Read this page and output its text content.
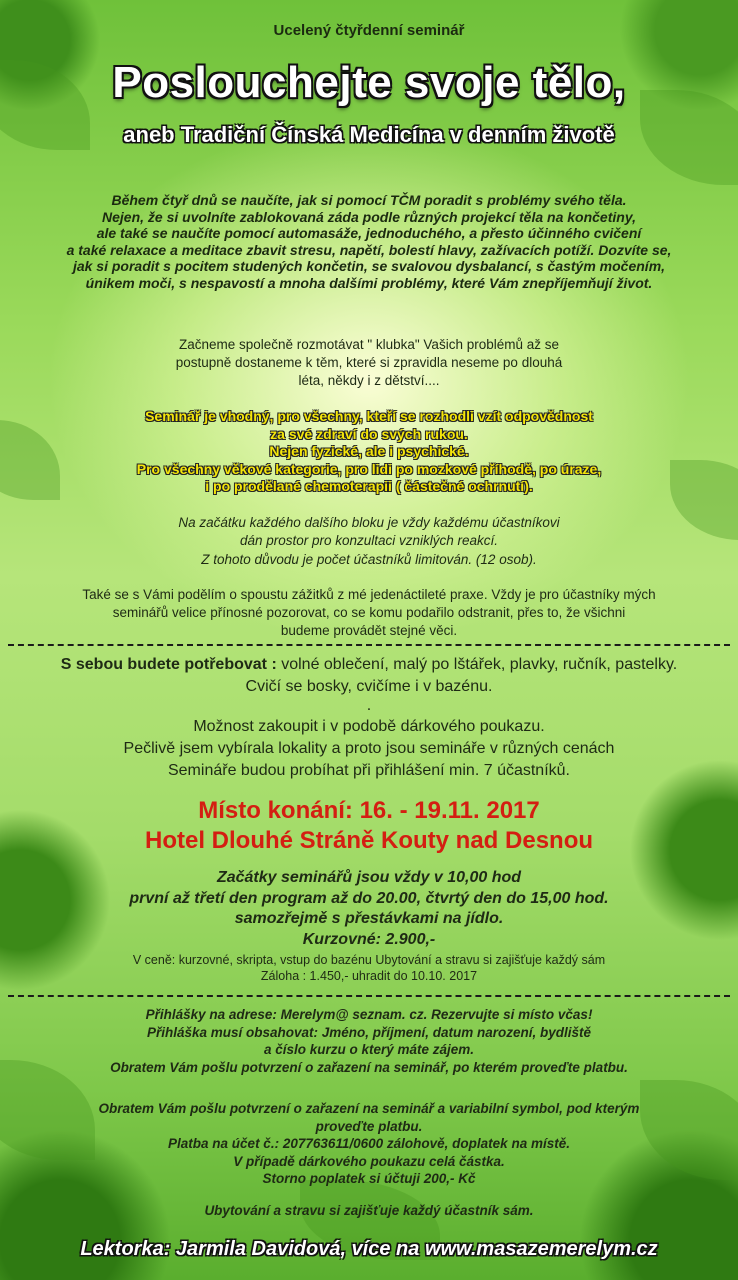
Ucelený čtyřdenní seminář
Poslouchejte svoje tělo,
aneb Tradiční Čínská Medicína v denním životě
Během čtyř dnů se naučíte, jak si pomocí TČM poradit s problémy svého těla.
Nejen, že si uvolníte zablokovaná záda podle různých projekcí těla na končetiny,
ale také se naučíte pomocí automasáže, jednoduchého, a přesto účinného cvičení
a také relaxace a meditace zbavit stresu, napětí, bolestí hlavy, zažívacích potíží. Dozvíte se,
jak si poradit s pocitem studených končetin, se svalovou dysbalancí, s častým močením,
únikem moči, s nespavostí a mnoha dalšími problémy, které Vám znepříjemňují život.
Začneme společně rozmotávat " klubka" Vašich problémů až se
postupně dostaneme k těm, které si zpravidla neseme po dlouhá
léta, někdy i z dětství....
Seminář je vhodný, pro všechny, kteří se rozhodli vzít odpovědnost
za své zdraví do svých rukou.
Nejen fyzické, ale i psychické.
Pro všechny věkové kategorie, pro lidi po mozkové příhodě, po úraze,
i po prodělané chemoterapii ( částečné ochrnutí).
Na začátku každého dalšího bloku je vždy každému účastníkovi
dán prostor pro konzultaci vzniklých reakcí.
Z tohoto důvodu je počet účastníků limitován. (12 osob).
Také se s Vámi podělím o spoustu zážitků z mé jedenáctileté praxe. Vždy je pro účastníky mých
seminářů velice přínosné pozorovat, co se komu podařilo odstranit, přes to, že všichni
budeme provádět stejné věci.
S sebou budete potřebovat : volné oblečení, malý po lštářek, plavky, ručník, pastelky.
Cvičí se bosky, cvičíme i v bazénu.
.
Možnost zakoupit i v podobě dárkového poukazu.
Pečlivě jsem vybírala lokality a proto jsou semináře v různých cenách
Semináře budou probíhat při přihlášení min. 7 účastníků.
Místo konání: 16. - 19.11. 2017
Hotel Dlouhé Stráně Kouty nad Desnou
Začátky seminářů jsou vždy v 10,00 hod
první až třetí den program až do 20.00, čtvrtý den do 15,00 hod.
samozřejmě s přestávkami na jídlo.
Kurzovné: 2.900,-
V ceně: kurzovné, skripta, vstup do bazénu Ubytování a stravu si zajišťuje každý sám
Záloha : 1.450,- uhradit do 10.10. 2017
Přihlášky na adrese: Merelym@ seznam. cz. Rezervujte si místo včas!
Přihláška musí obsahovat: Jméno, příjmení, datum narození, bydliště
a číslo kurzu o který máte zájem.
Obratem Vám pošlu potvrzení o zařazení na seminář, po kterém proveďte platbu.
Obratem Vám pošlu potvrzení o zařazení na seminář a variabilní symbol, pod kterým
proveďte platbu.
Platba na účet č.: 207763611/0600 zálohově, doplatek na místě.
V případě dárkového poukazu celá částka.
Storno poplatek si účtuji 200,- Kč
Ubytování a stravu si zajišťuje každý účastník sám.
Lektorka: Jarmila Davidová, více na www.masazemerelym.cz
